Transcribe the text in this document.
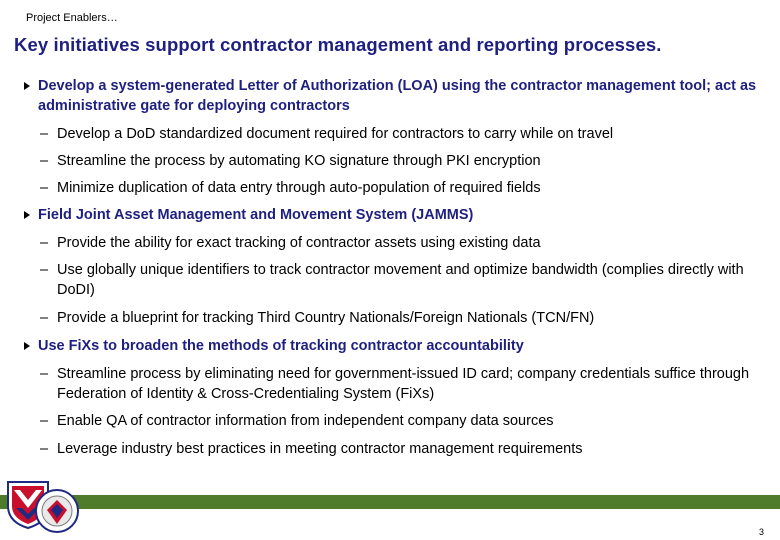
Project Enablers…
Key initiatives support contractor management and reporting processes.
Develop a system-generated Letter of Authorization (LOA) using the contractor management tool; act as administrative gate for deploying contractors
– Develop a DoD standardized document required for contractors to carry while on travel
– Streamline the process by automating KO signature through PKI encryption
– Minimize duplication of data entry through auto-population of required fields
Field Joint Asset Management and Movement System (JAMMS)
– Provide the ability for exact tracking of contractor assets using existing data
– Use globally unique identifiers to track contractor movement and optimize bandwidth (complies directly with DoDI)
– Provide a blueprint for tracking Third Country Nationals/Foreign Nationals (TCN/FN)
Use FiXs to broaden the methods of tracking contractor accountability
– Streamline process by eliminating need for government-issued ID card; company credentials suffice through Federation of Identity & Cross-Credentialing System (FiXs)
– Enable QA of contractor information from independent company data sources
– Leverage industry best practices in meeting contractor management requirements
3
